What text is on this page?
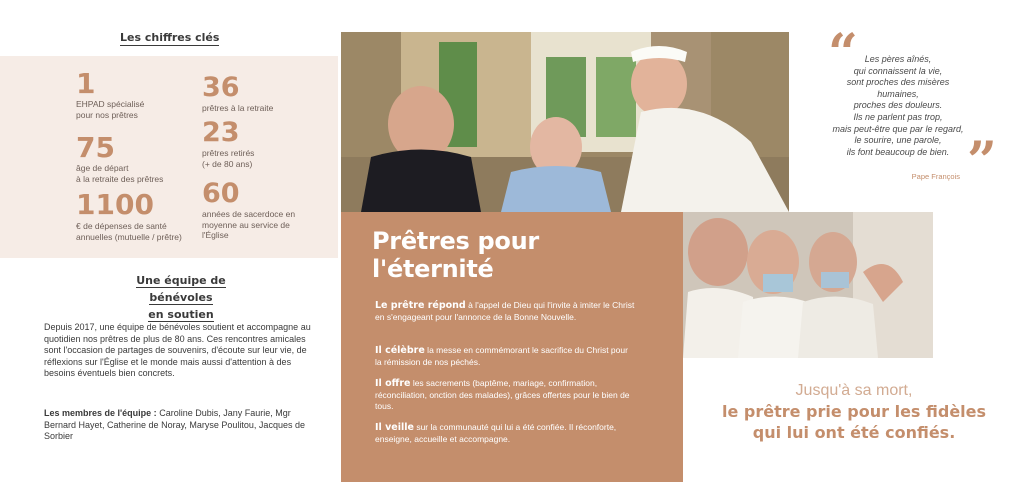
Les chiffres clés
1
EHPAD spécialisé
pour nos prêtres
36
prêtres à la retraite
75
âge de départ
à la retraite des prêtres
23
prêtres retirés
(+ de 80 ans)
1100
€ de dépenses de santé
annuelles (mutuelle / prêtre)
60
années de sacerdoce en
moyenne au service de
l'Église
Une équipe de bénévoles
en soutien
Depuis 2017, une équipe de bénévoles soutient et accompagne au quotidien nos prêtres de plus de 80 ans. Ces rencontres amicales sont l'occasion de partages de souvenirs, d'écoute sur leur vie, de réflexions sur l'Église et le monde mais aussi d'attention à des besoins éventuels bien concrets.
Les membres de l'équipe : Caroline Dubis, Jany Faurie, Mgr Bernard Hayet, Catherine de Noray, Maryse Poulitou, Jacques de Sorbier
Prêtres pour
l'éternité
Le prêtre répond à l'appel de Dieu qui l'invite à imiter le Christ en s'engageant pour l'annonce de la Bonne Nouvelle.
Il célèbre la messe en commémorant le sacrifice du Christ pour la rémission de nos péchés.
Il offre les sacrements (baptême, mariage, confirmation, réconciliation, onction des malades), grâces offertes pour le bien de tous.
Il veille sur la communauté qui lui a été confiée. Il réconforte, enseigne, accueille et accompagne.
“ Les pères aînés,
qui connaissent la vie,
sont proches des misères
humaines,
proches des douleurs.
Ils ne parlent pas trop,
mais peut-être que par le regard,
le sourire, une parole,
ils font beaucoup de bien. ”
Pape François
Jusqu'à sa mort,
le prêtre prie pour les fidèles
qui lui ont été confiés.
